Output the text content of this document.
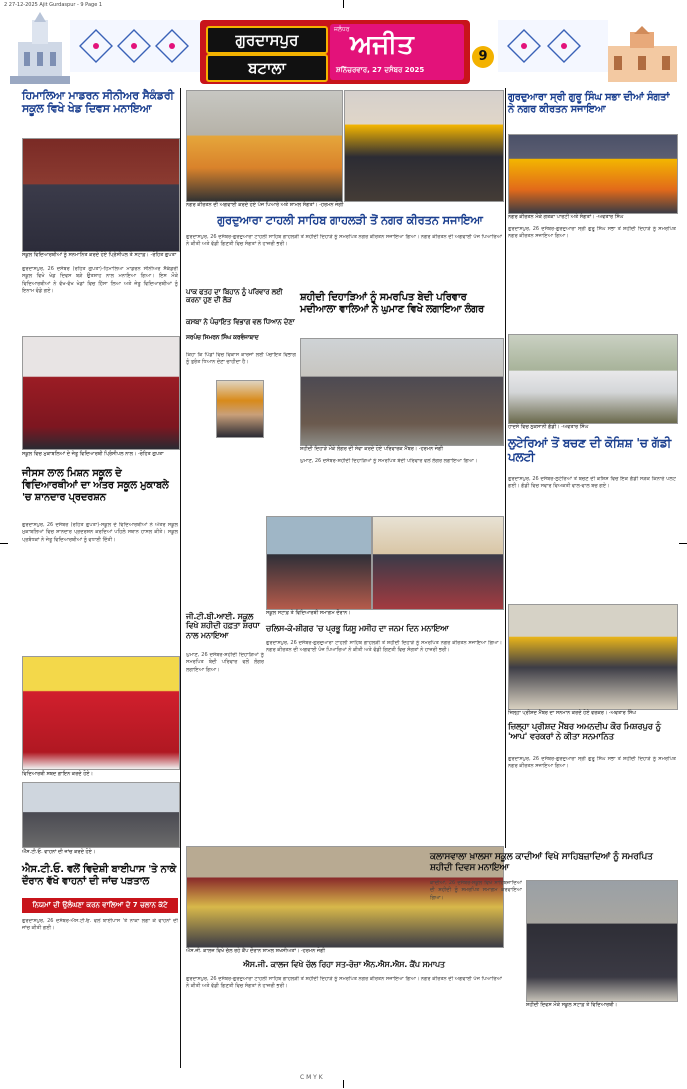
2 27-12-2025 Ajit Gurdaspur - 9 Page 1
ਗੁਰਦਾਸਪੁਰ
ਬਟਾਲਾ
ਜਲੰਧਰ
ਅਜੀਤ
ਸ਼ਨਿੱਚਰਵਾਰ, 27 ਦਸੰਬਰ 2025
9
ਹਿਮਾਲਿਆ ਮਾਡਰਨ ਸੀਨੀਅਰ ਸੈਕੰਡਰੀ ਸਕੂਲ ਵਿਖੇ ਖੇਡ ਦਿਵਸ ਮਨਾਇਆ
ਸਕੂਲ ਵਿਦਿਆਰਥੀਆਂ ਨੂੰ ਸਨਮਾਨਿਤ ਕਰਦੇ ਹੋਏ ਪ੍ਰਿੰਸੀਪਲ ਤੇ ਸਟਾਫ਼। -ਰੋਹਿਤ ਗੁਪਤਾ
ਗੁਰਦਾਸਪੁਰ, 26 ਦਸੰਬਰ (ਰੋਹਿਤ ਗੁਪਤਾ)-ਹਿਮਾਲਿਆ ਮਾਡਰਨ ਸੀਨੀਅਰ ਸੈਕੰਡਰੀ ਸਕੂਲ ਵਿਖੇ ਖੇਡ ਦਿਵਸ ਬੜੇ ਉਤਸ਼ਾਹ ਨਾਲ ਮਨਾਇਆ ਗਿਆ। ਇਸ ਮੌਕੇ ਵਿਦਿਆਰਥੀਆਂ ਨੇ ਵੱਖ-ਵੱਖ ਖੇਡਾਂ ਵਿਚ ਹਿੱਸਾ ਲਿਆ ਅਤੇ ਜੇਤੂ ਵਿਦਿਆਰਥੀਆਂ ਨੂੰ ਇਨਾਮ ਵੰਡੇ ਗਏ।
ਸਕੂਲ ਵਿਚ ਮੁਕਾਬਲਿਆਂ ਦੇ ਜੇਤੂ ਵਿਦਿਆਰਥੀ ਪ੍ਰਿੰਸੀਪਲ ਨਾਲ। -ਰੋਹਿਤ ਗੁਪਤਾ
ਜੀਸਸ ਲਾਲ ਮਿਸ਼ਨ ਸਕੂਲ ਦੇ ਵਿਦਿਆਰਥੀਆਂ ਦਾ ਅੰਤਰ ਸਕੂਲ ਮੁਕਾਬਲੇ 'ਚ ਸ਼ਾਨਦਾਰ ਪ੍ਰਦਰਸ਼ਨ
ਗੁਰਦਾਸਪੁਰ, 26 ਦਸੰਬਰ (ਰੋਹਿਤ ਗੁਪਤਾ)-ਸਕੂਲ ਦੇ ਵਿਦਿਆਰਥੀਆਂ ਨੇ ਅੰਤਰ ਸਕੂਲ ਮੁਕਾਬਲਿਆਂ ਵਿਚ ਸ਼ਾਨਦਾਰ ਪ੍ਰਦਰਸ਼ਨ ਕਰਦਿਆਂ ਪਹਿਲੇ ਸਥਾਨ ਹਾਸਲ ਕੀਤੇ। ਸਕੂਲ ਪ੍ਰਬੰਧਕਾਂ ਨੇ ਜੇਤੂ ਵਿਦਿਆਰਥੀਆਂ ਨੂੰ ਵਧਾਈ ਦਿੱਤੀ।
ਵਿਦਿਆਰਥੀ ਸ਼ਬਦ ਗਾਇਨ ਕਰਦੇ ਹੋਏ।
ਐੱਸ.ਟੀ.ਓ. ਵਾਹਨਾਂ ਦੀ ਜਾਂਚ ਕਰਦੇ ਹੋਏ।
ਐਸ.ਟੀ.ਓ. ਵਲੋਂ ਵਿਦੇਸ਼ੀ ਬਾਈਪਾਸ 'ਤੇ ਨਾਕੇ ਦੌਰਾਨ ਵੱਖੋ ਵਾਹਨਾਂ ਦੀ ਜਾਂਚ ਪੜਤਾਲ
ਨਿਯਮਾਂ ਦੀ ਉਲੰਘਣਾ ਕਰਨ ਵਾਲਿਆਂ ਦੇ 7 ਚਲਾਨ ਕੱਟੇ
ਗੁਰਦਾਸਪੁਰ, 26 ਦਸੰਬਰ-ਐਸ.ਟੀ.ਓ. ਵਲੋਂ ਬਾਈਪਾਸ 'ਤੇ ਨਾਕਾ ਲਗਾ ਕੇ ਵਾਹਨਾਂ ਦੀ ਜਾਂਚ ਕੀਤੀ ਗਈ।
ਨਗਰ ਕੀਰਤਨ ਦੀ ਅਗਵਾਈ ਕਰਦੇ ਹੋਏ ਪੰਜ ਪਿਆਰੇ ਅਤੇ ਸ਼ਾਮਲ ਸੰਗਤਾਂ। -ਹਰਮਨ ਜੋਗੀ
ਗੁਰਦੁਆਰਾ ਟਾਹਲੀ ਸਾਹਿਬ ਗਾਹਲੜੀ ਤੋਂ ਨਗਰ ਕੀਰਤਨ ਸਜਾਇਆ
ਗੁਰਦਾਸਪੁਰ, 26 ਦਸੰਬਰ-ਗੁਰਦੁਆਰਾ ਟਾਹਲੀ ਸਾਹਿਬ ਗਾਹਲੜੀ ਤੋਂ ਸ਼ਹੀਦੀ ਦਿਹਾੜੇ ਨੂੰ ਸਮਰਪਿਤ ਨਗਰ ਕੀਰਤਨ ਸਜਾਇਆ ਗਿਆ। ਨਗਰ ਕੀਰਤਨ ਦੀ ਅਗਵਾਈ ਪੰਜ ਪਿਆਰਿਆਂ ਨੇ ਕੀਤੀ ਅਤੇ ਵੱਡੀ ਗਿਣਤੀ ਵਿਚ ਸੰਗਤਾਂ ਨੇ ਹਾਜ਼ਰੀ ਭਰੀ।
ਪਾਕ ਫਤਹ ਦਾ ਬਿਹਾਨ ਨੂੰ ਪਰਿਵਾਰ ਲਈ ਕਰਨਾ ਹੁਣ ਦੀ ਲੋੜ
ਕਸਬਾ ਨੇ ਪੰਚਾਇਤ ਵਿਭਾਗ ਵਲ ਧਿਆਨ ਦੇਣਾ
ਸਰਪੰਚ ਸਿਮਰਨ ਸਿੰਘ ਕਰਵੰਜਾਬਾਦ
ਕਿਹਾ ਕਿ ਪਿੰਡਾਂ ਵਿਚ ਵਿਕਾਸ ਕਾਰਜਾਂ ਲਈ ਪੰਚਾਇਤ ਵਿਭਾਗ ਨੂੰ ਤੁਰੰਤ ਧਿਆਨ ਦੇਣਾ ਚਾਹੀਦਾ ਹੈ।
ਸ਼ਹੀਦੀ ਦਿਹਾੜਿਆਂ ਨੂੰ ਸਮਰਪਿਤ ਬੇਦੀ ਪਰਿਵਾਰ ਮਦੀਆਲਾ ਵਾਲਿਆਂ ਨੇ ਘੁਮਾਣ ਵਿਖੇ ਲਗਾਇਆ ਲੰਗਰ
ਸ਼ਹੀਦੀ ਦਿਹਾੜੇ ਮੌਕੇ ਲੰਗਰ ਦੀ ਸੇਵਾ ਕਰਦੇ ਹੋਏ ਪਰਿਵਾਰਕ ਮੈਂਬਰ। -ਹਰਮਨ ਜੋਗੀ
ਘੁਮਾਣ, 26 ਦਸੰਬਰ-ਸ਼ਹੀਦੀ ਦਿਹਾੜਿਆਂ ਨੂੰ ਸਮਰਪਿਤ ਬੇਦੀ ਪਰਿਵਾਰ ਵਲੋਂ ਲੰਗਰ ਲਗਾਇਆ ਗਿਆ।
ਸਕੂਲ ਸਟਾਫ਼ ਤੇ ਵਿਦਿਆਰਥੀ ਸਮਾਗਮ ਦੌਰਾਨ।
ਜੀ.ਟੀ.ਬੀ.ਆਈ. ਸਕੂਲ ਵਿਖੇ ਸ਼ਹੀਦੀ ਹਫ਼ਤਾ ਸ਼ਰਧਾ ਨਾਲ ਮਨਾਇਆ
ਘੁਮਾਣ, 26 ਦਸੰਬਰ-ਸ਼ਹੀਦੀ ਦਿਹਾੜਿਆਂ ਨੂੰ ਸਮਰਪਿਤ ਬੇਦੀ ਪਰਿਵਾਰ ਵਲੋਂ ਲੰਗਰ ਲਗਾਇਆ ਗਿਆ।
ਚਲਿਸ-ਕੇ-ਸ਼ੀਗਰ 'ਚ ਪ੍ਰਭੂ ਯਿਸੂ ਮਸੀਹ ਦਾ ਜਨਮ ਦਿਨ ਮਨਾਇਆ
ਗੁਰਦਾਸਪੁਰ, 26 ਦਸੰਬਰ-ਗੁਰਦੁਆਰਾ ਟਾਹਲੀ ਸਾਹਿਬ ਗਾਹਲੜੀ ਤੋਂ ਸ਼ਹੀਦੀ ਦਿਹਾੜੇ ਨੂੰ ਸਮਰਪਿਤ ਨਗਰ ਕੀਰਤਨ ਸਜਾਇਆ ਗਿਆ। ਨਗਰ ਕੀਰਤਨ ਦੀ ਅਗਵਾਈ ਪੰਜ ਪਿਆਰਿਆਂ ਨੇ ਕੀਤੀ ਅਤੇ ਵੱਡੀ ਗਿਣਤੀ ਵਿਚ ਸੰਗਤਾਂ ਨੇ ਹਾਜ਼ਰੀ ਭਰੀ।
ਐਸ.ਜੀ. ਕਾਲਜ ਵਿਖੇ ਚੱਲ ਰਹੇ ਕੈਂਪ ਦੌਰਾਨ ਸ਼ਾਮਲ ਸ਼ਖਸੀਅਤਾਂ। -ਹਰਮਨ ਜੋਗੀ
ਐਸ.ਜੀ. ਕਾਲਜ ਵਿਖੇ ਚੱਲ ਰਿਹਾ ਸਤ-ਰੋਜ਼ਾ ਐਨ.ਐਸ.ਐਸ. ਕੈਂਪ ਸਮਾਪਤ
ਗੁਰਦਾਸਪੁਰ, 26 ਦਸੰਬਰ-ਗੁਰਦੁਆਰਾ ਟਾਹਲੀ ਸਾਹਿਬ ਗਾਹਲੜੀ ਤੋਂ ਸ਼ਹੀਦੀ ਦਿਹਾੜੇ ਨੂੰ ਸਮਰਪਿਤ ਨਗਰ ਕੀਰਤਨ ਸਜਾਇਆ ਗਿਆ। ਨਗਰ ਕੀਰਤਨ ਦੀ ਅਗਵਾਈ ਪੰਜ ਪਿਆਰਿਆਂ ਨੇ ਕੀਤੀ ਅਤੇ ਵੱਡੀ ਗਿਣਤੀ ਵਿਚ ਸੰਗਤਾਂ ਨੇ ਹਾਜ਼ਰੀ ਭਰੀ।
ਗੁਰਦੁਆਰਾ ਸ੍ਰੀ ਗੁਰੂ ਸਿੰਘ ਸਭਾ ਦੀਆਂ ਸੰਗਤਾਂ ਨੇ ਨਗਰ ਕੀਰਤਨ ਸਜਾਇਆ
ਨਗਰ ਕੀਰਤਨ ਮੌਕੇ ਗਤਕਾ ਪਾਰਟੀ ਅਤੇ ਸੰਗਤਾਂ। -ਅਵਤਾਰ ਸਿੰਘ
ਗੁਰਦਾਸਪੁਰ, 26 ਦਸੰਬਰ-ਗੁਰਦੁਆਰਾ ਸ੍ਰੀ ਗੁਰੂ ਸਿੰਘ ਸਭਾ ਤੋਂ ਸ਼ਹੀਦੀ ਦਿਹਾੜੇ ਨੂੰ ਸਮਰਪਿਤ ਨਗਰ ਕੀਰਤਨ ਸਜਾਇਆ ਗਿਆ।
ਹਾਦਸੇ ਵਿਚ ਨੁਕਸਾਨੀ ਗੱਡੀ। -ਅਵਤਾਰ ਸਿੰਘ
ਲੁਟੇਰਿਆਂ ਤੋਂ ਬਚਣ ਦੀ ਕੋਸ਼ਿਸ਼ 'ਚ ਗੱਡੀ ਪਲਟੀ
ਗੁਰਦਾਸਪੁਰ, 26 ਦਸੰਬਰ-ਲੁਟੇਰਿਆਂ ਤੋਂ ਬਚਣ ਦੀ ਕੋਸ਼ਿਸ਼ ਵਿਚ ਇਕ ਗੱਡੀ ਸੜਕ ਕਿਨਾਰੇ ਪਲਟ ਗਈ। ਗੱਡੀ ਵਿਚ ਸਵਾਰ ਵਿਅਕਤੀ ਵਾਲ-ਵਾਲ ਬਚ ਗਏ।
ਜ਼ਿਲ੍ਹਾ ਪ੍ਰੀਸ਼ਦ ਮੈਂਬਰ ਦਾ ਸਨਮਾਨ ਕਰਦੇ ਹੋਏ ਵਰਕਰ। -ਅਵਤਾਰ ਸਿੰਘ
ਜ਼ਿਲ੍ਹਾ ਪ੍ਰੀਸ਼ਦ ਮੈਂਬਰ ਅਮਨਦੀਪ ਕੌਰ ਮਿਸ਼ਰਪੁਰ ਨੂੰ 'ਆਪ' ਵਰਕਰਾਂ ਨੇ ਕੀਤਾ ਸਨਮਾਨਿਤ
ਗੁਰਦਾਸਪੁਰ, 26 ਦਸੰਬਰ-ਗੁਰਦੁਆਰਾ ਸ੍ਰੀ ਗੁਰੂ ਸਿੰਘ ਸਭਾ ਤੋਂ ਸ਼ਹੀਦੀ ਦਿਹਾੜੇ ਨੂੰ ਸਮਰਪਿਤ ਨਗਰ ਕੀਰਤਨ ਸਜਾਇਆ ਗਿਆ।
ਕਲਾਸਵਾਲਾ ਖ਼ਾਲਸਾ ਸਕੂਲ ਕਾਦੀਆਂ ਵਿਖੇ ਸਾਹਿਬਜ਼ਾਦਿਆਂ ਨੂੰ ਸਮਰਪਿਤ ਸ਼ਹੀਦੀ ਦਿਵਸ ਮਨਾਇਆ
ਕਾਦੀਆਂ, 26 ਦਸੰਬਰ-ਸਕੂਲ ਵਿਖੇ ਸਾਹਿਬਜ਼ਾਦਿਆਂ ਦੀ ਸ਼ਹੀਦੀ ਨੂੰ ਸਮਰਪਿਤ ਸਮਾਗਮ ਕਰਵਾਇਆ ਗਿਆ।
ਸ਼ਹੀਦੀ ਦਿਵਸ ਮੌਕੇ ਸਕੂਲ ਸਟਾਫ਼ ਤੇ ਵਿਦਿਆਰਥੀ।
C M Y K
